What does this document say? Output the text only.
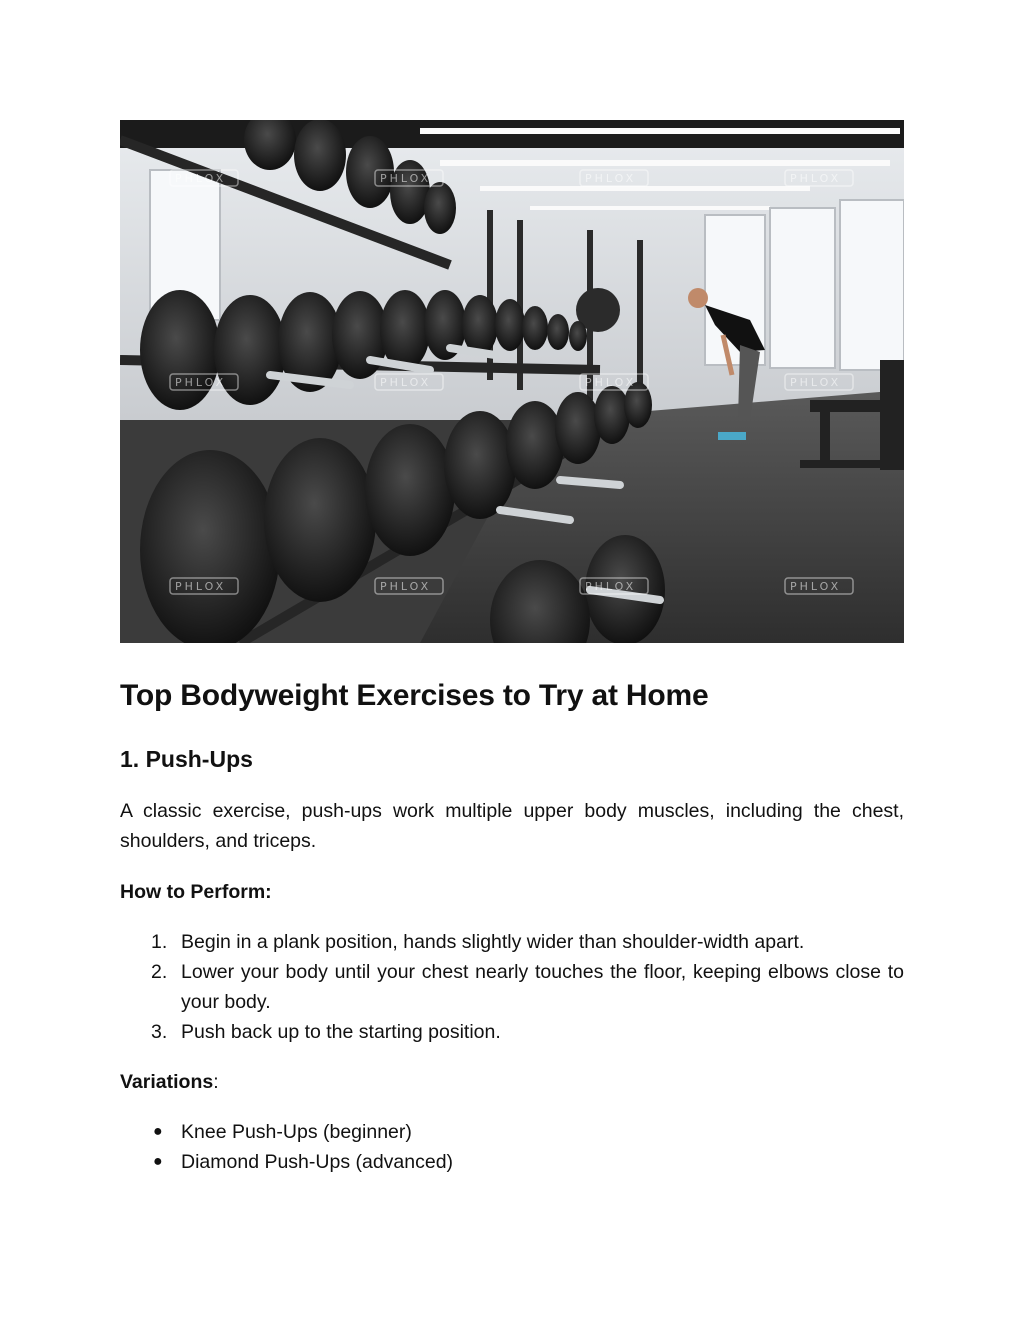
PHLOX	PHLOX	PHLOX	PHLOX
PHLOX	PHLOX	PHLOX	PHLOX
PHLOX	PHLOX	PHLOX	PHLOX
Top Bodyweight Exercises to Try at Home
1. Push-Ups

A classic exercise, push-ups work multiple upper body muscles, including the chest, shoulders, and triceps.

How to Perform:

1. Begin in a plank position, hands slightly wider than shoulder-width apart.
2. Lower your body until your chest nearly touches the floor, keeping elbows close to your body.
3. Push back up to the starting position.

Variations:

● Knee Push-Ups (beginner)
● Diamond Push-Ups (advanced)
